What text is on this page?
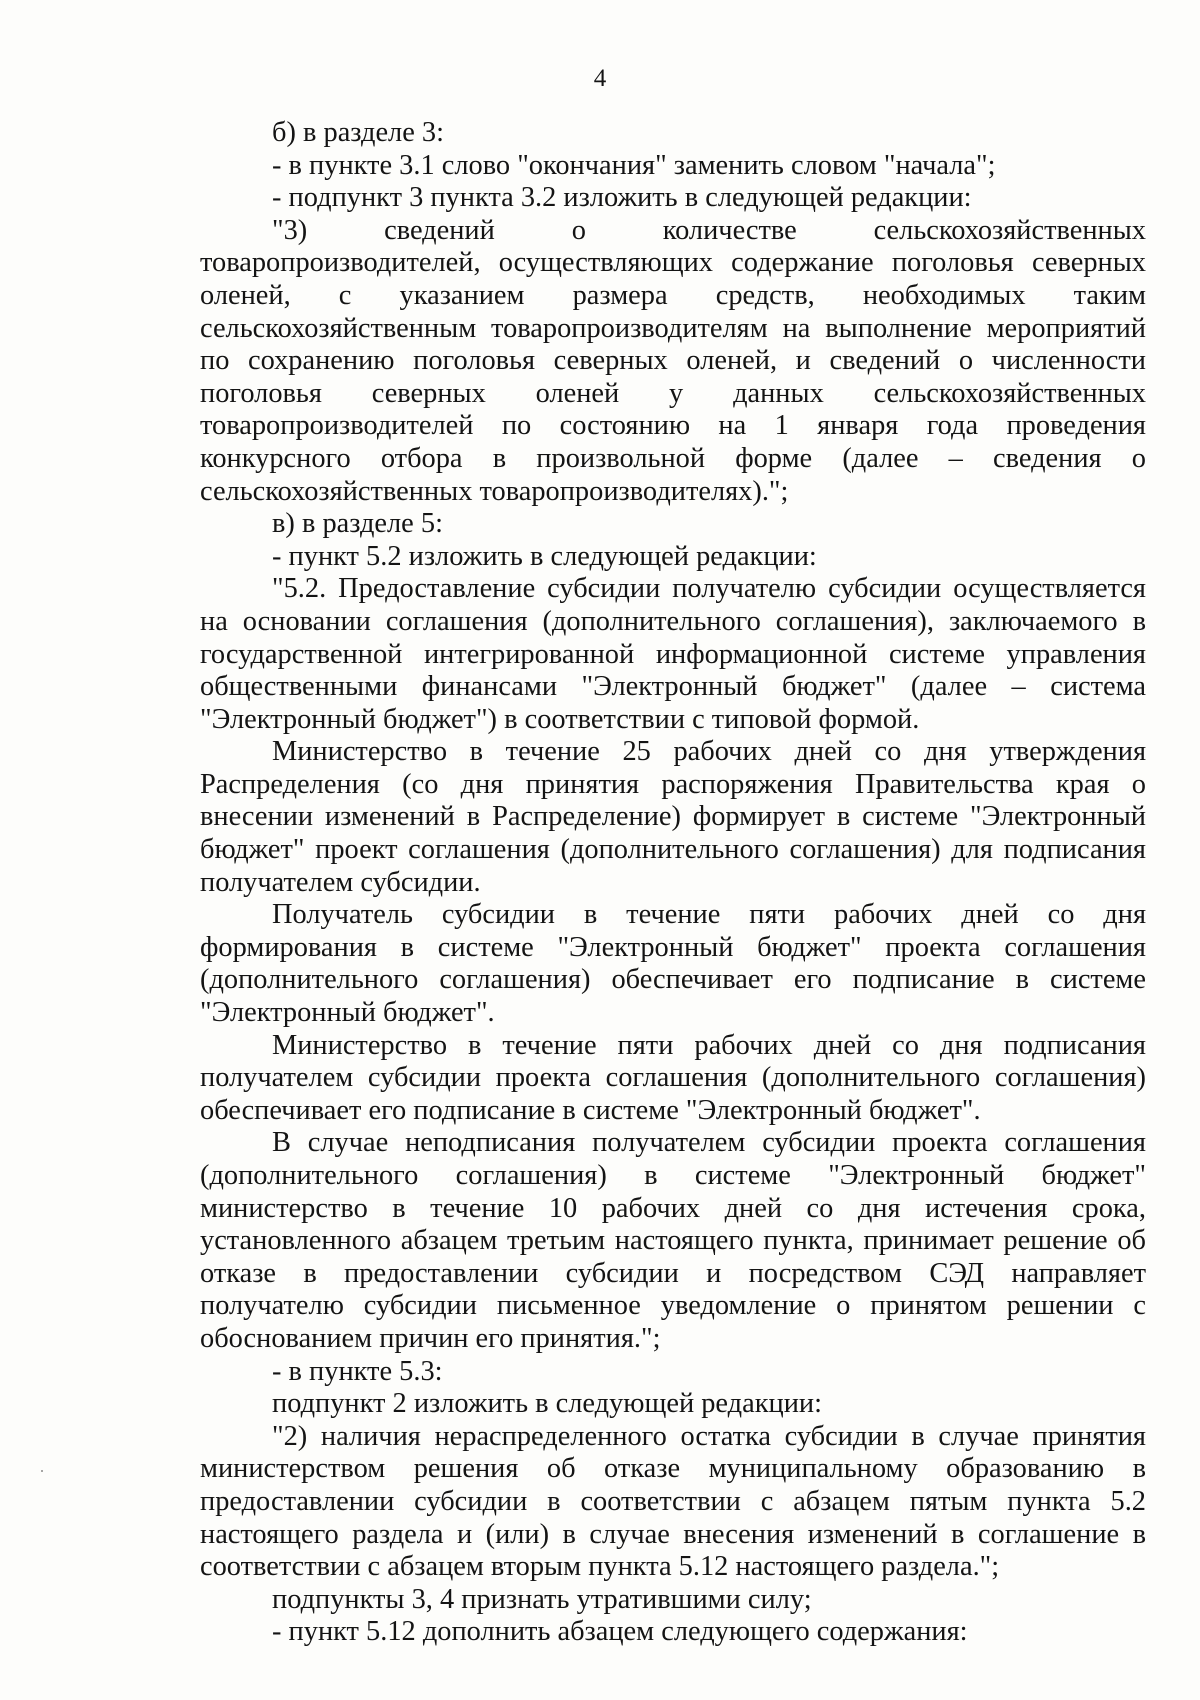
4

б) в разделе 3:

- в пункте 3.1 слово "окончания" заменить словом "начала";

- подпункт 3 пункта 3.2 изложить в следующей редакции:

"3) сведений о количестве сельскохозяйственных товаропроизводителей, осуществляющих содержание поголовья северных оленей, с указанием размера средств, необходимых таким сельскохозяйственным товаропроизводителям на выполнение мероприятий по сохранению поголовья северных оленей, и сведений о численности поголовья северных оленей у данных сельскохозяйственных товаропроизводителей по состоянию на 1 января года проведения конкурсного отбора в произвольной форме (далее – сведения о сельскохозяйственных товаропроизводителях).";

в) в разделе 5:

- пункт 5.2 изложить в следующей редакции:

"5.2. Предоставление субсидии получателю субсидии осуществляется на основании соглашения (дополнительного соглашения), заключаемого в государственной интегрированной информационной системе управления общественными финансами "Электронный бюджет" (далее – система "Электронный бюджет") в соответствии с типовой формой.

Министерство в течение 25 рабочих дней со дня утверждения Распределения (со дня принятия распоряжения Правительства края о внесении изменений в Распределение) формирует в системе "Электронный бюджет" проект соглашения (дополнительного соглашения) для подписания получателем субсидии.

Получатель субсидии в течение пяти рабочих дней со дня формирования в системе "Электронный бюджет" проекта соглашения (дополнительного соглашения) обеспечивает его подписание в системе "Электронный бюджет".

Министерство в течение пяти рабочих дней со дня подписания получателем субсидии проекта соглашения (дополнительного соглашения) обеспечивает его подписание в системе "Электронный бюджет".

В случае неподписания получателем субсидии проекта соглашения (дополнительного соглашения) в системе "Электронный бюджет" министерство в течение 10 рабочих дней со дня истечения срока, установленного абзацем третьим настоящего пункта, принимает решение об отказе в предоставлении субсидии и посредством СЭД направляет получателю субсидии письменное уведомление о принятом решении с обоснованием причин его принятия.";

- в пункте 5.3:

подпункт 2 изложить в следующей редакции:

"2) наличия нераспределенного остатка субсидии в случае принятия министерством решения об отказе муниципальному образованию в предоставлении субсидии в соответствии с абзацем пятым пункта 5.2 настоящего раздела и (или) в случае внесения изменений в соглашение в соответствии с абзацем вторым пункта 5.12 настоящего раздела.";

подпункты 3, 4 признать утратившими силу;

- пункт 5.12 дополнить абзацем следующего содержания:
